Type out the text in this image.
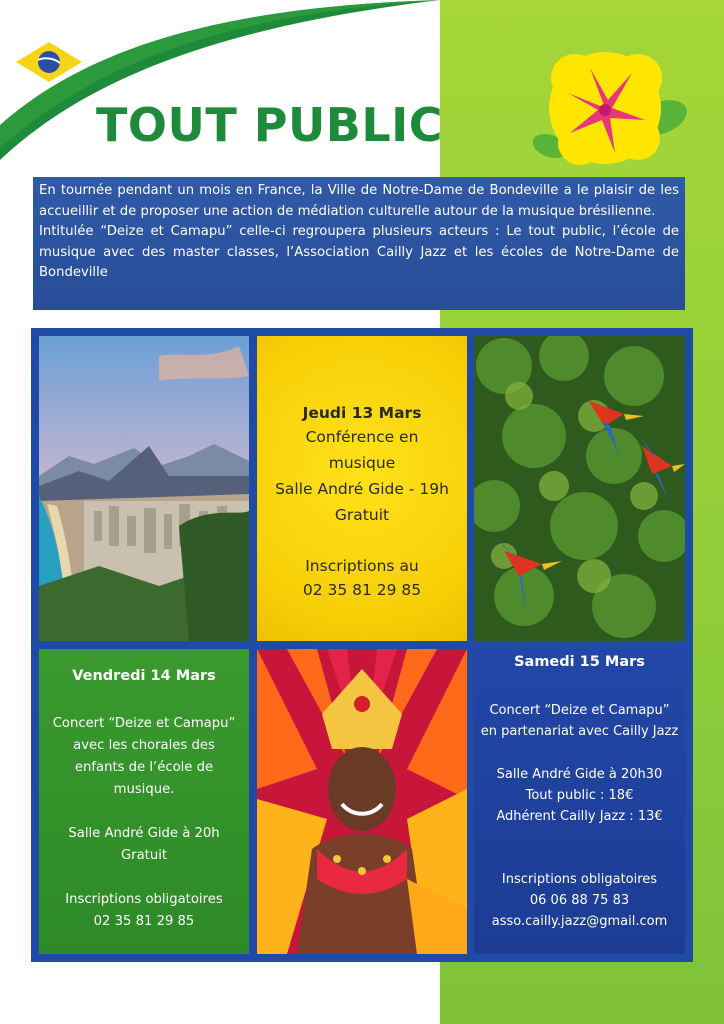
TOUT PUBLIC

En tournée pendant un mois en France, la Ville de Notre-Dame de Bondeville a le plaisir de les accueillir et de proposer une action de médiation culturelle autour de la musique brésilienne.

Intitulée “Deize et Camapu” celle-ci regroupera plusieurs acteurs : Le tout public, l’école de musique avec des master classes, l’Association Cailly Jazz et les écoles de Notre-Dame de Bondeville

Jeudi 13 Mars
Conférence en
musique
Salle André Gide - 19h
Gratuit
Inscriptions au
02 35 81 29 85
Vendredi 14 Mars
Concert “Deize et Camapu”
avec les chorales des
enfants de l’école de
musique.
Salle André Gide à 20h
Gratuit
Inscriptions obligatoires
02 35 81 29 85
Samedi 15 Mars
Concert “Deize et Camapu”
en partenariat avec Cailly Jazz
Salle André Gide à 20h30
Tout public : 18€
Adhérent Cailly Jazz : 13€
Inscriptions obligatoires
06 06 88 75 83
asso.cailly.jazz@gmail.com
